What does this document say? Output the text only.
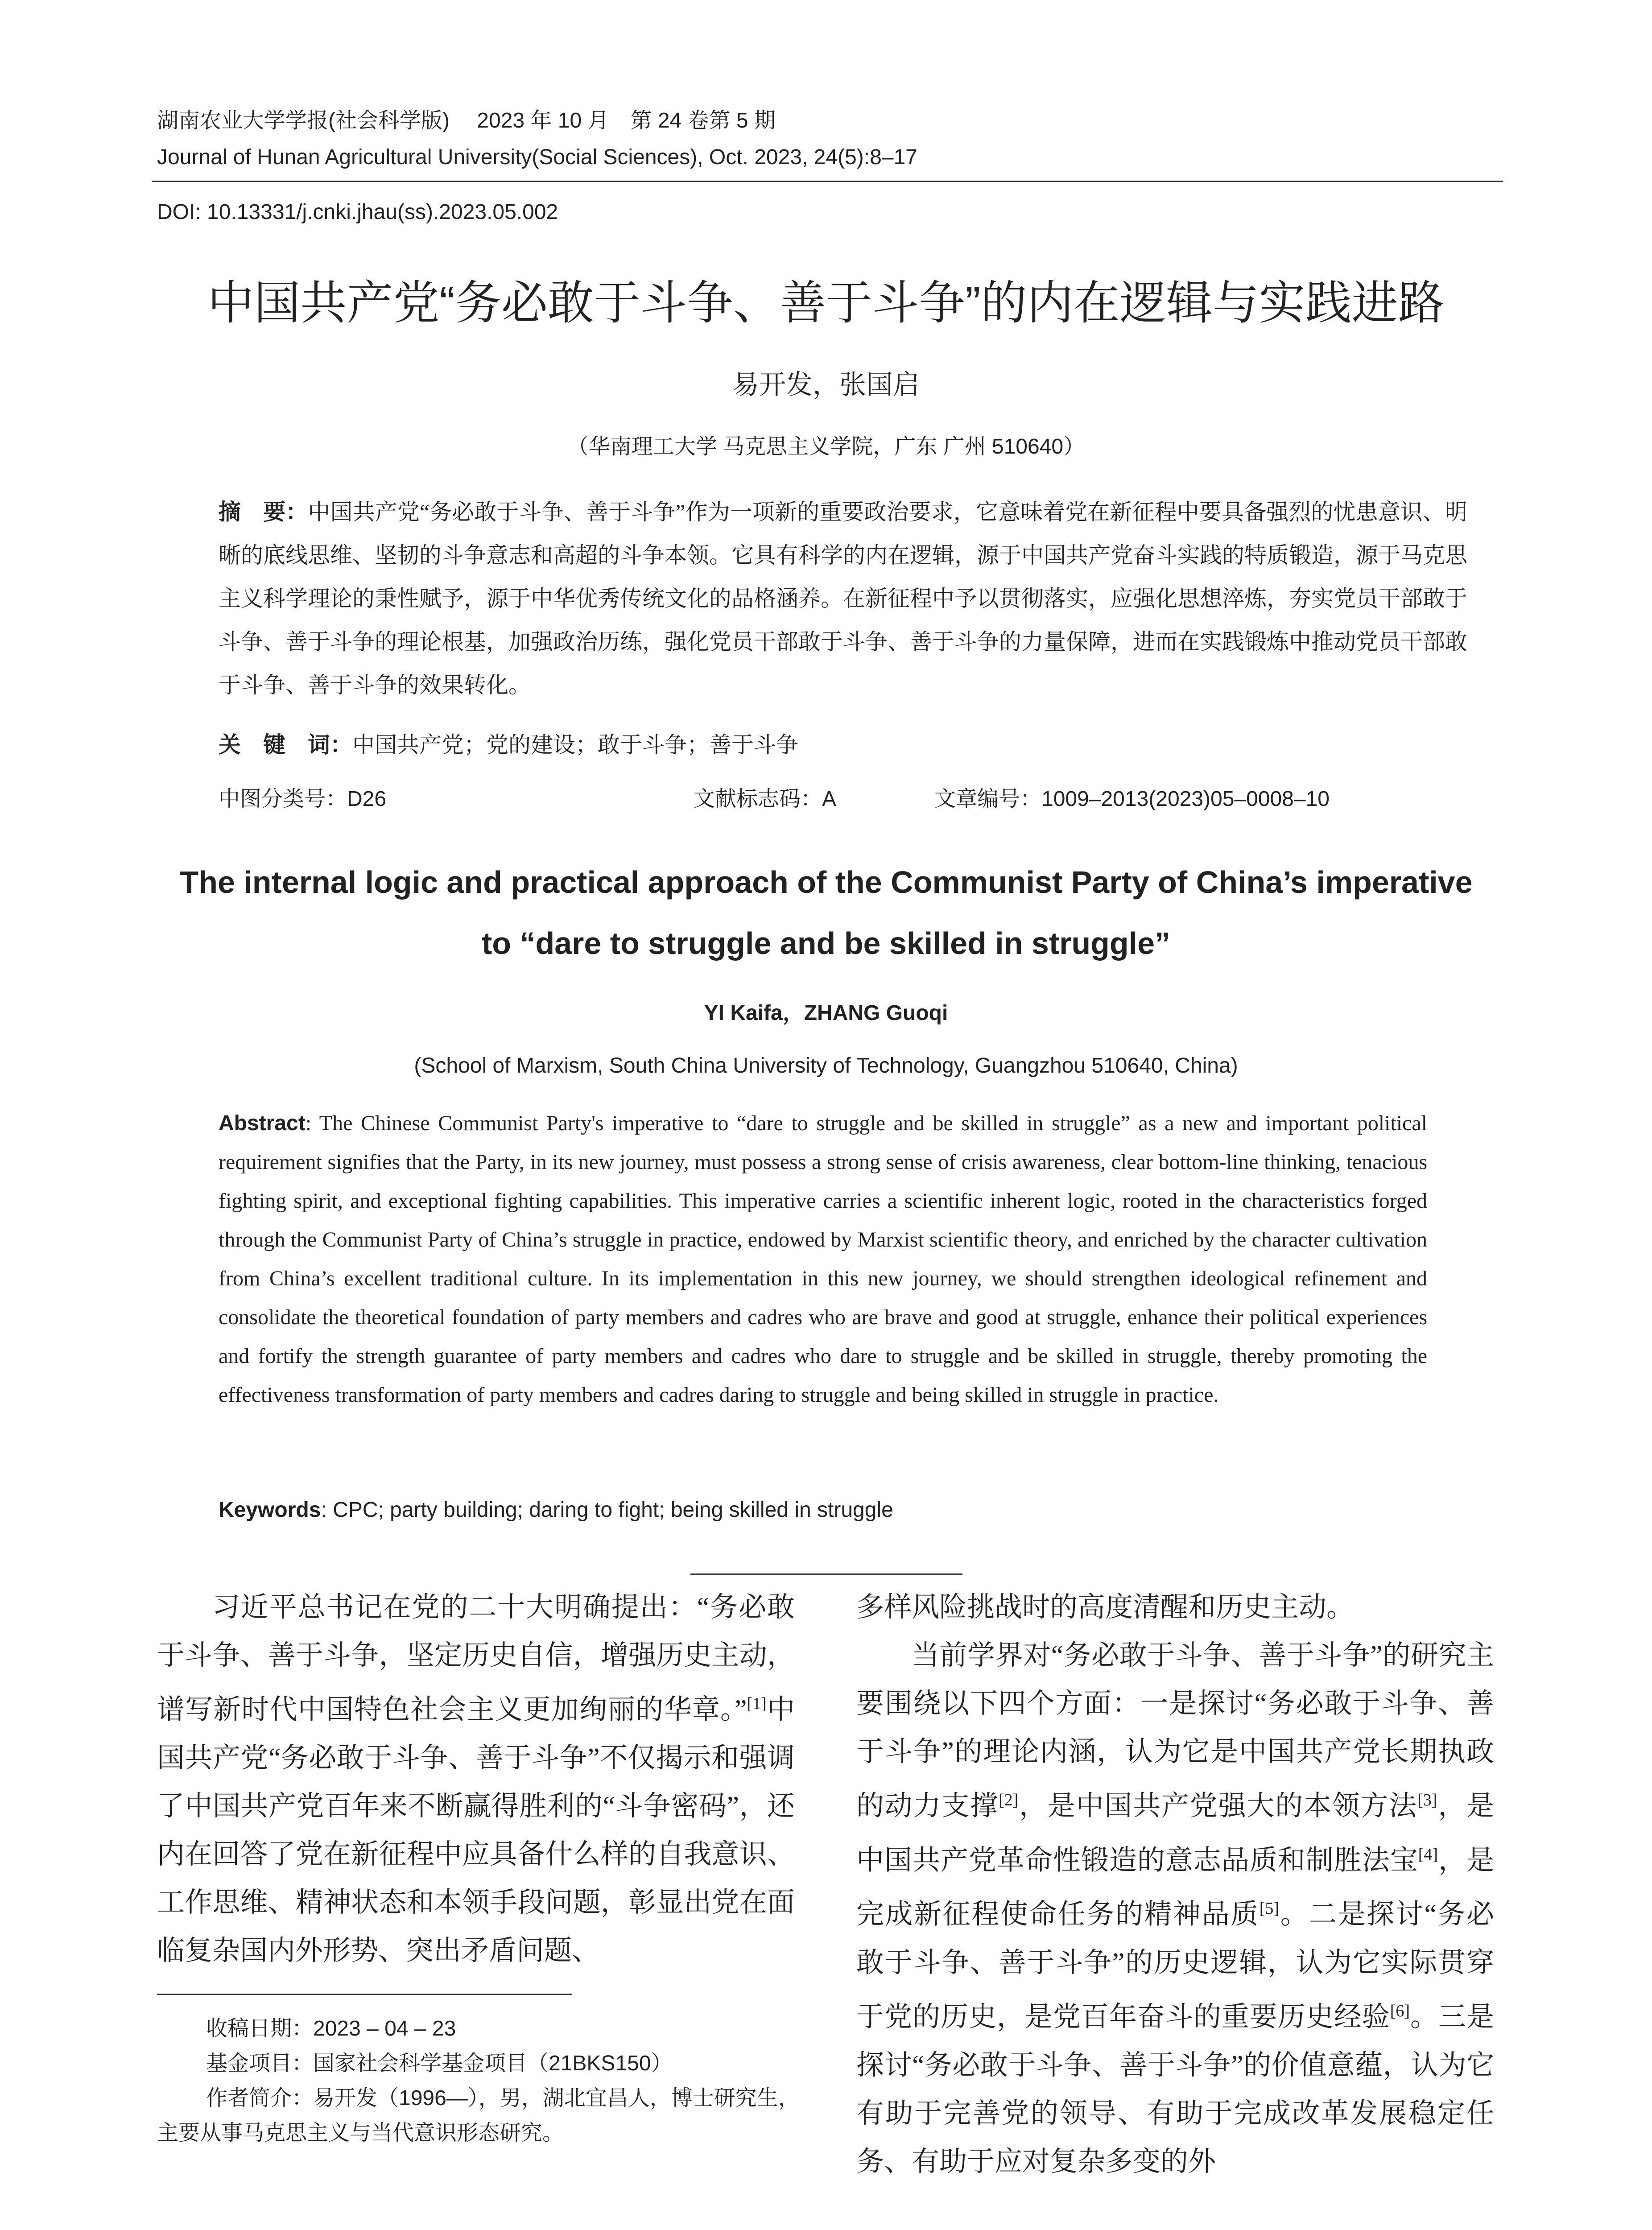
湖南农业大学学报(社会科学版)　 2023 年 10 月　第 24 卷第 5 期
Journal of Hunan Agricultural University(Social Sciences), Oct. 2023, 24(5):8–17
DOI: 10.13331/j.cnki.jhau(ss).2023.05.002
中国共产党“务必敢于斗争、善于斗争”的内在逻辑与实践进路
易开发，张国启
（华南理工大学 马克思主义学院，广东 广州 510640）
摘　要：中国共产党“务必敢于斗争、善于斗争”作为一项新的重要政治要求，它意味着党在新征程中要具备强烈的忧患意识、明晰的底线思维、坚韧的斗争意志和高超的斗争本领。它具有科学的内在逻辑，源于中国共产党奋斗实践的特质锻造，源于马克思主义科学理论的秉性赋予，源于中华优秀传统文化的品格涵养。在新征程中予以贯彻落实，应强化思想淬炼，夯实党员干部敢于斗争、善于斗争的理论根基，加强政治历练，强化党员干部敢于斗争、善于斗争的力量保障，进而在实践锻炼中推动党员干部敢于斗争、善于斗争的效果转化。
关　键　词：中国共产党；党的建设；敢于斗争；善于斗争
中图分类号：D26	文献标志码：A	文章编号：1009–2013(2023)05–0008–10
The internal logic and practical approach of the Communist Party of China’s imperative
to “dare to struggle and be skilled in struggle”
YI Kaifa，ZHANG Guoqi
(School of Marxism, South China University of Technology, Guangzhou 510640, China)
Abstract: The Chinese Communist Party's imperative to “dare to struggle and be skilled in struggle” as a new and important political requirement signifies that the Party, in its new journey, must possess a strong sense of crisis awareness, clear bottom-line thinking, tenacious fighting spirit, and exceptional fighting capabilities. This imperative carries a scientific inherent logic, rooted in the characteristics forged through the Communist Party of China’s struggle in practice, endowed by Marxist scientific theory, and enriched by the character cultivation from China’s excellent traditional culture. In its implementation in this new journey, we should strengthen ideological refinement and consolidate the theoretical foundation of party members and cadres who are brave and good at struggle, enhance their political experiences and fortify the strength guarantee of party members and cadres who dare to struggle and be skilled in struggle, thereby promoting the effectiveness transformation of party members and cadres daring to struggle and being skilled in struggle in practice.
Keywords: CPC; party building; daring to fight; being skilled in struggle

习近平总书记在党的二十大明确提出：“务必敢于斗争、善于斗争，坚定历史自信，增强历史主动，谱写新时代中国特色社会主义更加绚丽的华章。”[1]中国共产党“务必敢于斗争、善于斗争”不仅揭示和强调了中国共产党百年来不断赢得胜利的“斗争密码”，还内在回答了党在新征程中应具备什么样的自我意识、工作思维、精神状态和本领手段问题，彰显出党在面临复杂国内外形势、突出矛盾问题、

多样风险挑战时的高度清醒和历史主动。

当前学界对“务必敢于斗争、善于斗争”的研究主要围绕以下四个方面：一是探讨“务必敢于斗争、善于斗争”的理论内涵，认为它是中国共产党长期执政的动力支撑[2]，是中国共产党强大的本领方法[3]，是中国共产党革命性锻造的意志品质和制胜法宝[4]，是完成新征程使命任务的精神品质[5]。二是探讨“务必敢于斗争、善于斗争”的历史逻辑，认为它实际贯穿于党的历史，是党百年奋斗的重要历史经验[6]。三是探讨“务必敢于斗争、善于斗争”的价值意蕴，认为它有助于完善党的领导、有助于完成改革发展稳定任务、有助于应对复杂多变的外

收稿日期：2023 – 04 – 23
基金项目：国家社会科学基金项目（21BKS150）
作者简介：易开发（1996—），男，湖北宜昌人，博士研究生，主要从事马克思主义与当代意识形态研究。
